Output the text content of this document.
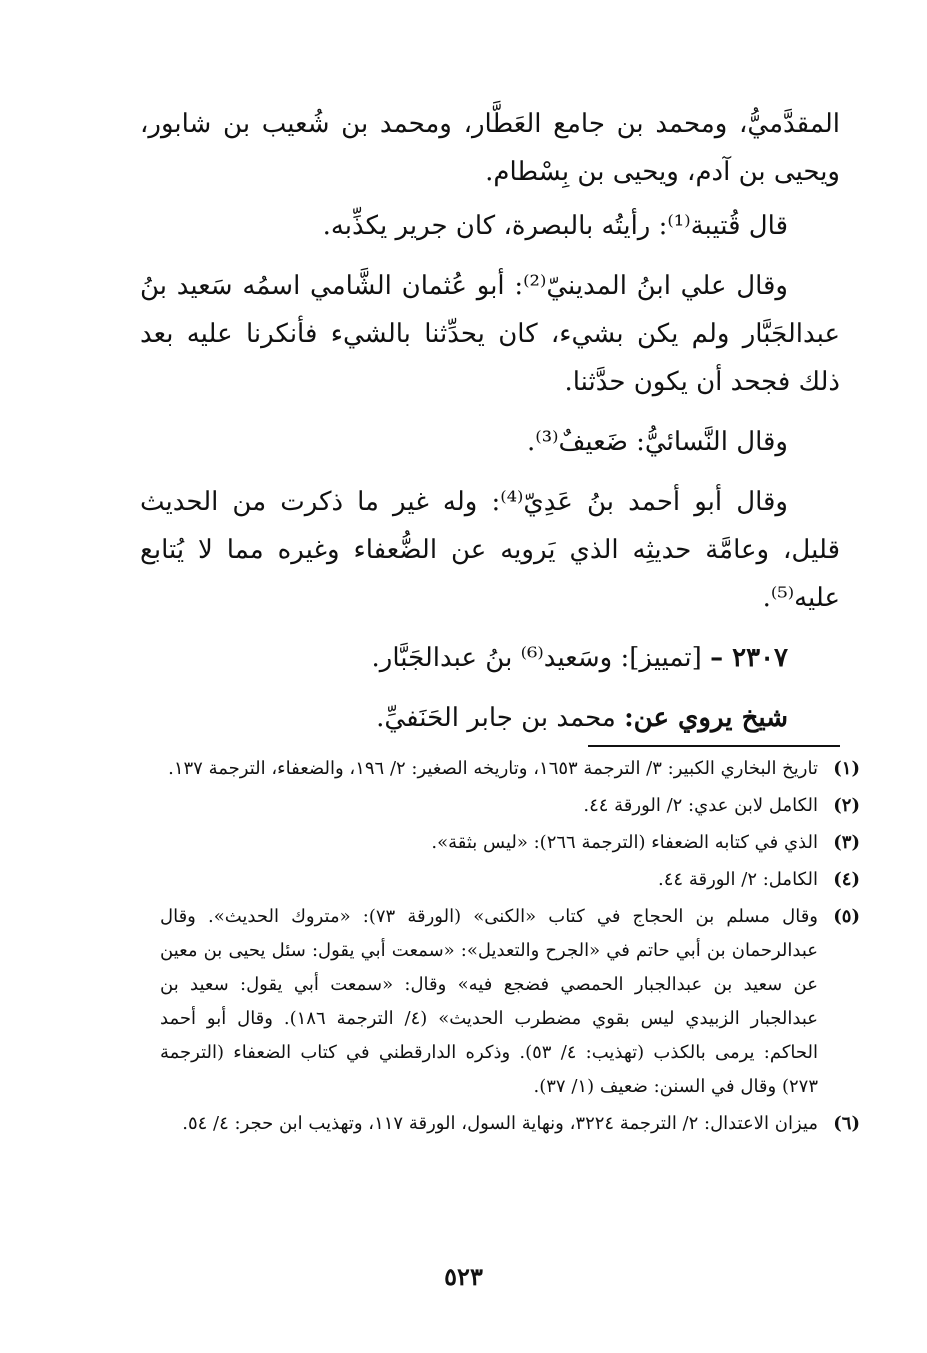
المقدَّميُّ، ومحمد بن جامع العَطَّار، ومحمد بن شُعيب بن شابور، ويحيى بن آدم، ويحيى بن بِسْطام.

قال قُتيبة⁽¹⁾: رأيتُه بالبصرة، كان جرير يكذِّبه.

وقال علي ابنُ المدينيّ⁽²⁾: أبو عُثمان الشَّامي اسمُه سَعيد بنُ عبدالجَبَّار ولم يكن بشيء، كان يحدِّثنا بالشيء فأنكرنا عليه بعد ذلك فجحد أن يكون حدَّثنا.

وقال النَّسائيُّ: ضَعيفٌ⁽³⁾.

وقال أبو أحمد بنُ عَدِيّ⁽⁴⁾: وله غير ما ذكرت من الحديث قليل، وعامَّة حديثِه الذي يَرويه عن الضُّعفاء وغيره مما لا يُتابع عليه⁽⁵⁾.

٢٣٠٧ – [تمييز]: وسَعيد⁽⁶⁾ بنُ عبدالجَبَّار.

شيخ يروي عن: محمد بن جابر الحَنَفيِّ.

(١)
تاريخ البخاري الكبير: ٣/ الترجمة ١٦٥٣، وتاريخه الصغير: ٢/ ١٩٦، والضعفاء، الترجمة ١٣٧.
(٢)
الكامل لابن عدي: ٢/ الورقة ٤٤.
(٣)
الذي في كتابه الضعفاء (الترجمة ٢٦٦): «ليس بثقة».
(٤)
الكامل: ٢/ الورقة ٤٤.
(٥)
وقال مسلم بن الحجاج في كتاب «الكنى» (الورقة ٧٣): «متروك الحديث». وقال عبدالرحمان بن أبي حاتم في «الجرح والتعديل»: «سمعت أبي يقول: سئل يحيى بن معين عن سعيد بن عبدالجبار الحمصي فضجع فيه» وقال: «سمعت أبي يقول: سعيد بن عبدالجبار الزبيدي ليس بقوي مضطرب الحديث» (٤/ الترجمة ١٨٦). وقال أبو أحمد الحاكم: يرمى بالكذب (تهذيب: ٤/ ٥٣). وذكره الدارقطني في كتاب الضعفاء (الترجمة ٢٧٣) وقال في السنن: ضعيف (١/ ٣٧).
(٦)
ميزان الاعتدال: ٢/ الترجمة ٣٢٢٤، ونهاية السول، الورقة ١١٧، وتهذيب ابن حجر: ٤/ ٥٤.
٥٢٣
